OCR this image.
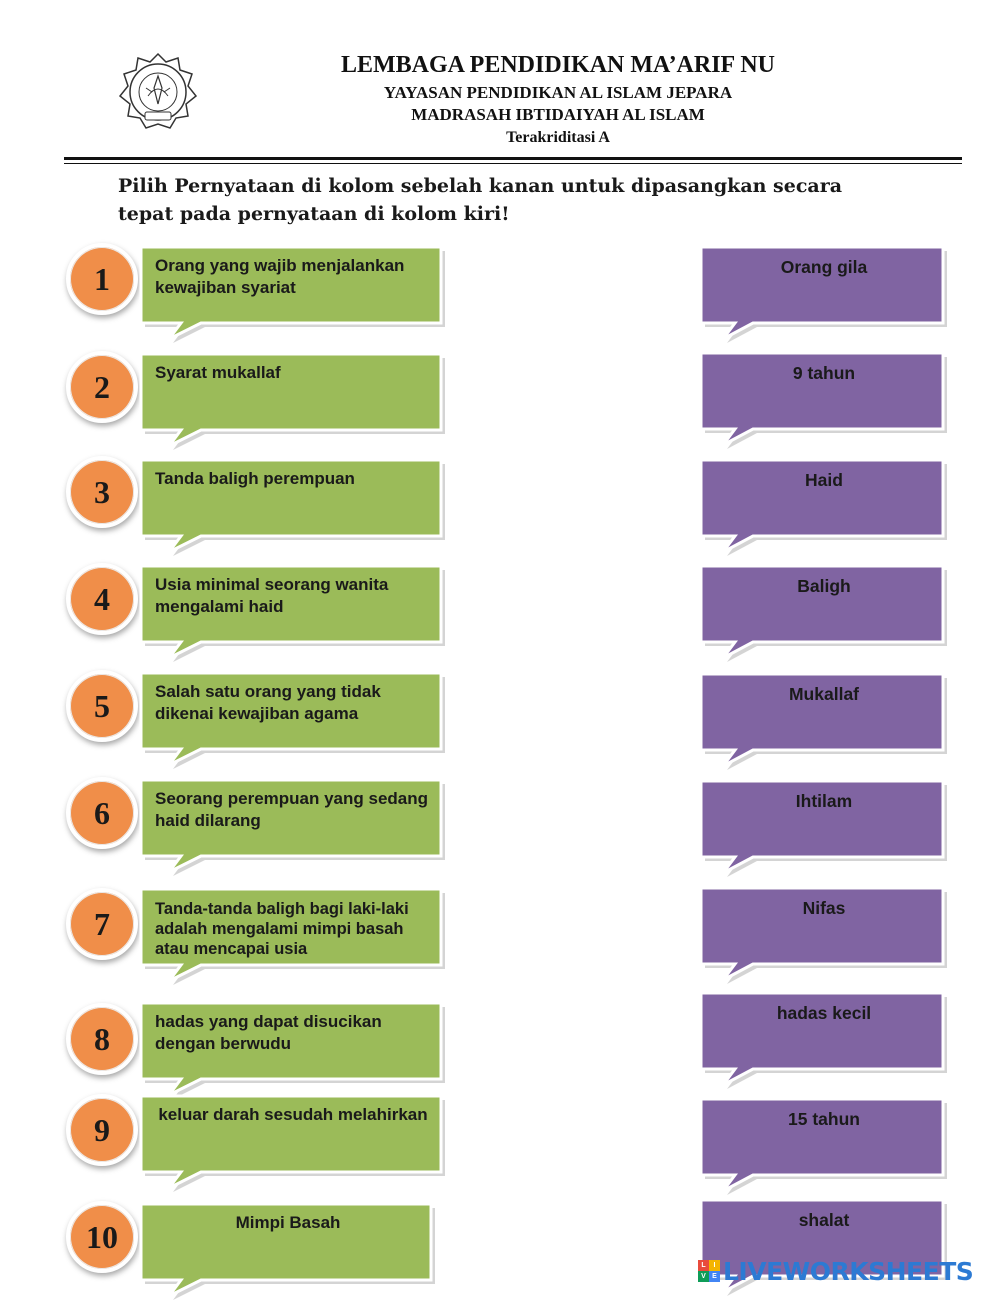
LEMBAGA PENDIDIKAN MA’ARIF NU
YAYASAN PENDIDIKAN AL ISLAM JEPARA
MADRASAH IBTIDAIYAH AL ISLAM
Terakriditasi A
Pilih Pernyataan di kolom sebelah kanan untuk dipasangkan secara
tepat pada pernyataan di kolom kiri!
1	Orang yang wajib menjalankan kewajiban syariat
2	Syarat mukallaf
3	Tanda baligh perempuan
4	Usia minimal seorang wanita mengalami haid
5	Salah satu orang yang tidak dikenai kewajiban agama
6	Seorang perempuan yang sedang haid dilarang
7	Tanda-tanda baligh bagi laki-laki adalah mengalami mimpi basah atau mencapai usia
8	hadas yang dapat disucikan dengan berwudu
9	keluar darah sesudah melahirkan
10	Mimpi Basah
Orang gila
9 tahun
Haid
Baligh
Mukallaf
Ihtilam
Nifas
hadas kecil
15 tahun
shalat
L	I
V E LIVEWORKSHEETS
